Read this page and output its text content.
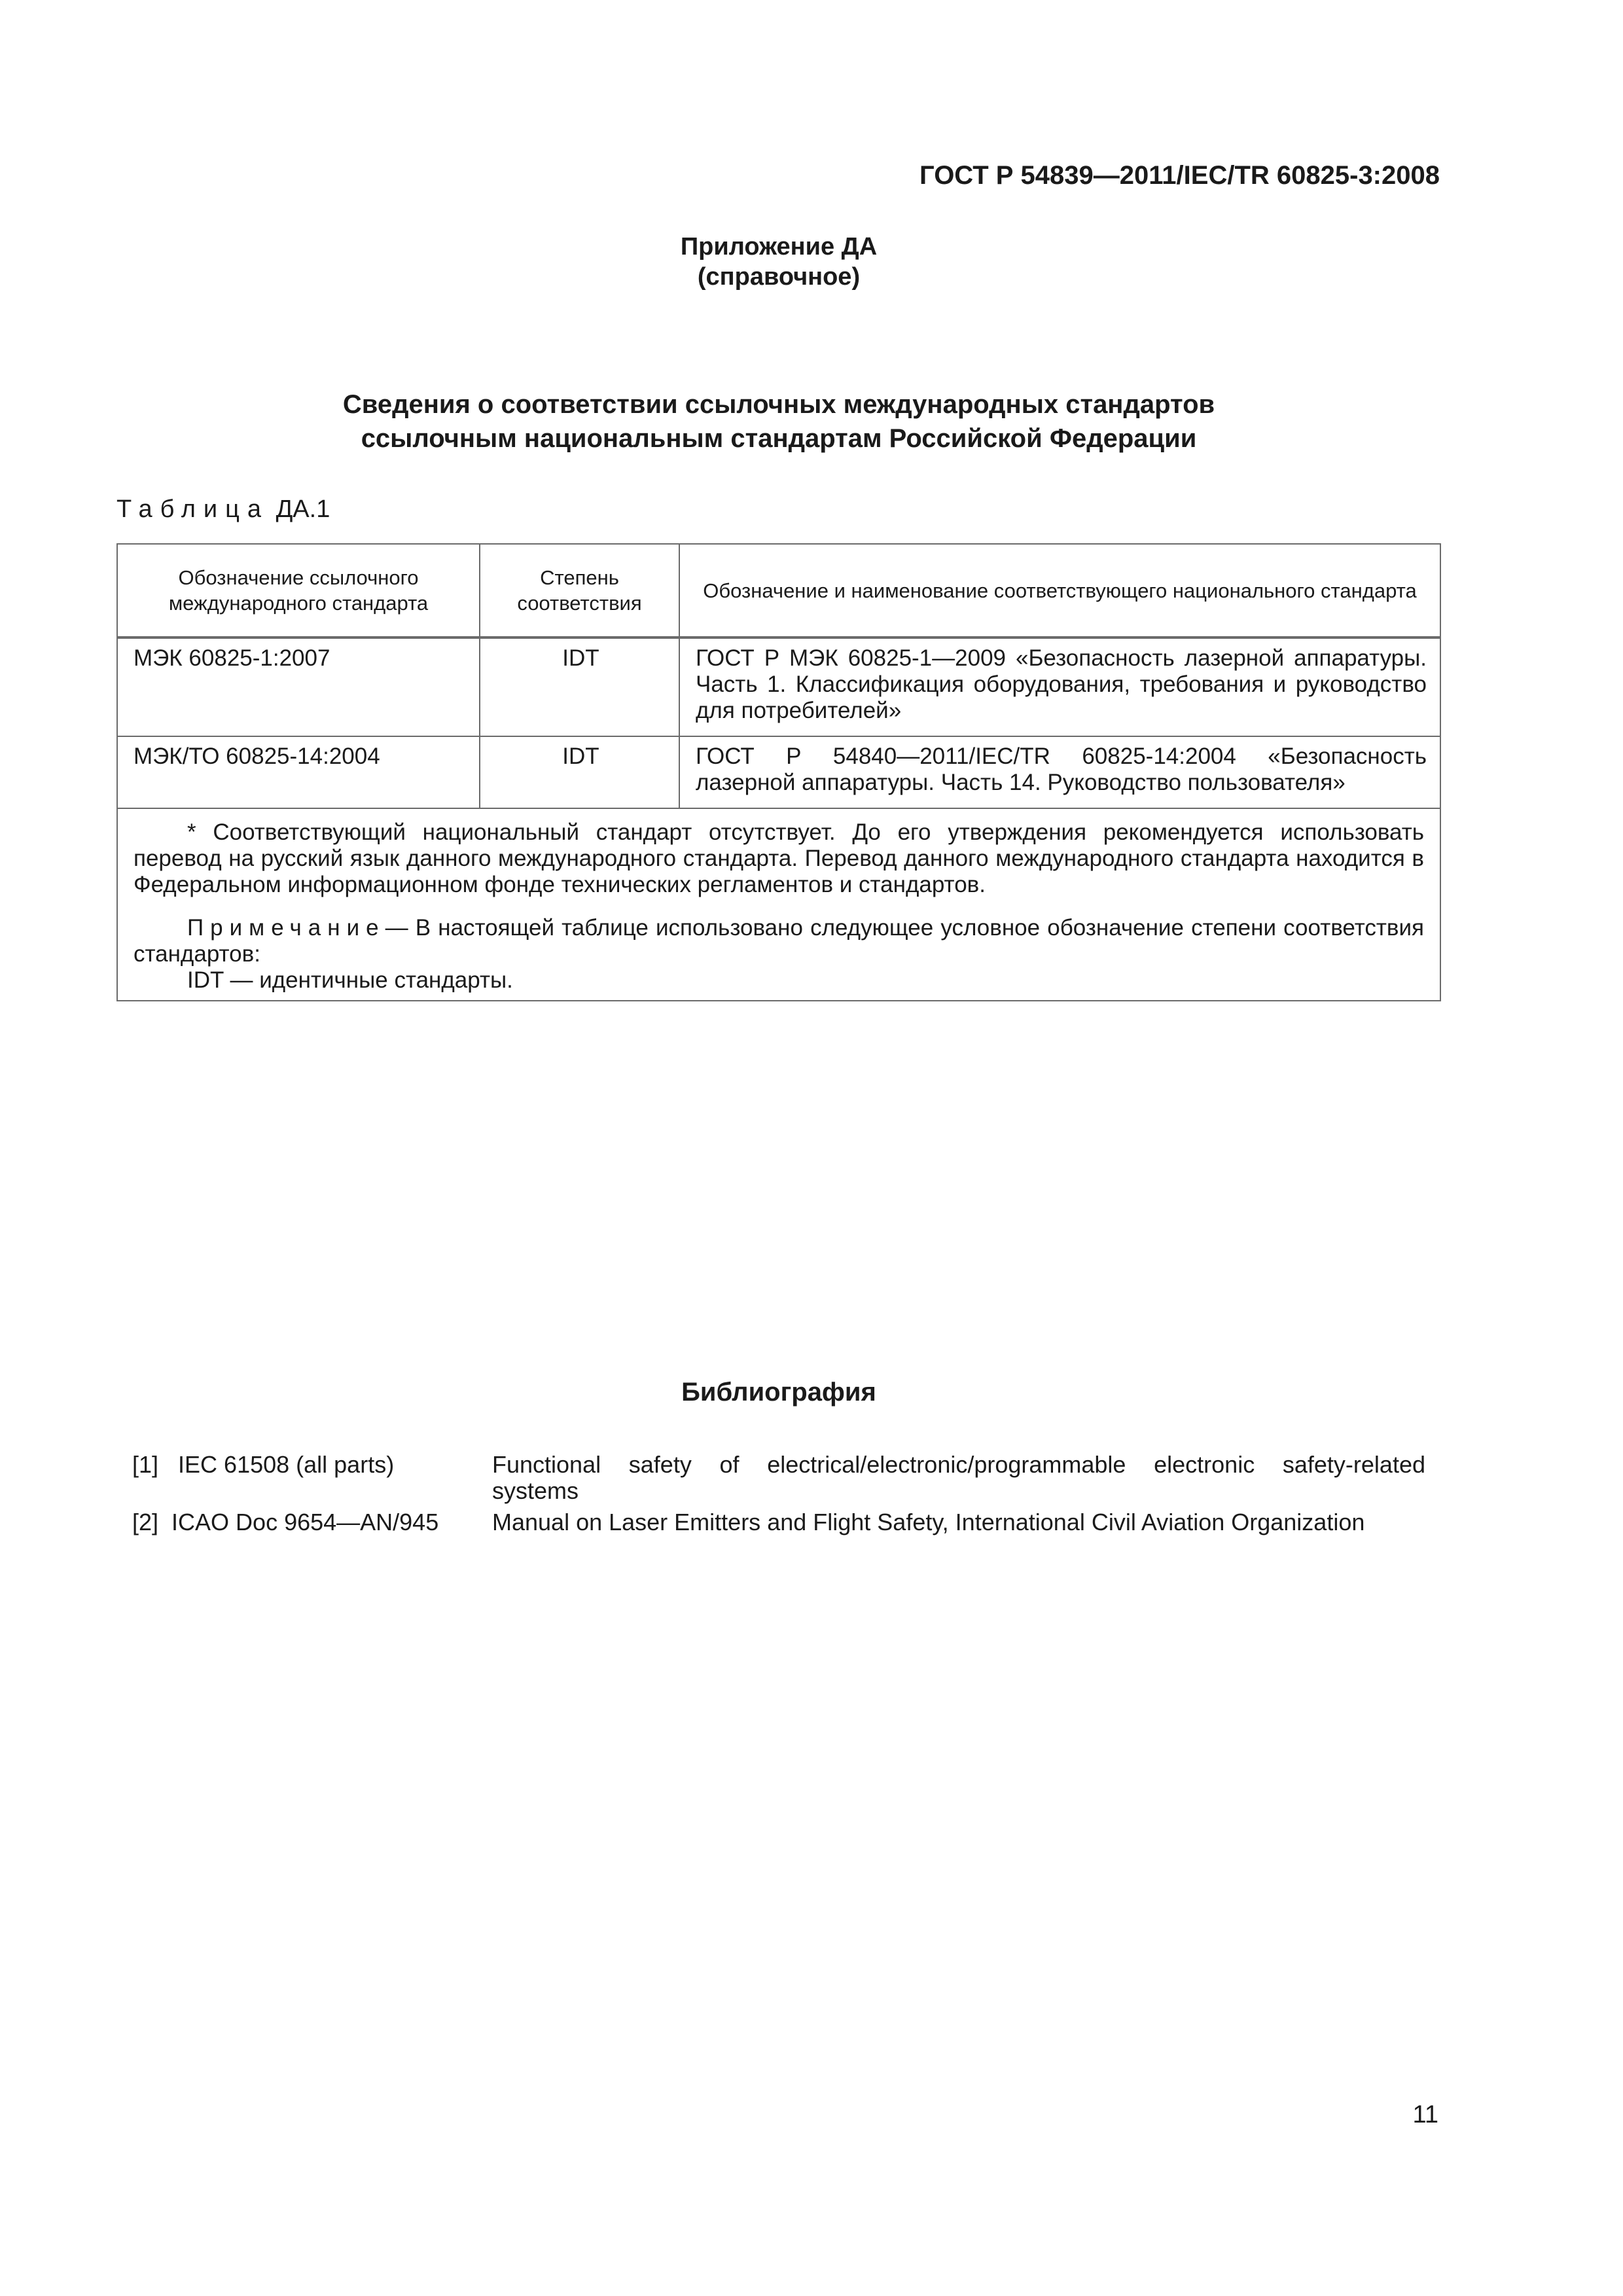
ГОСТ Р 54839—2011/IEC/TR 60825-3:2008
Приложение ДА
(справочное)
Сведения о соответствии ссылочных международных стандартов
ссылочным национальным стандартам Российской Федерации
Таблица ДА.1
Обозначение ссылочного международного стандарта	Степень соответствия	Обозначение и наименование соответствующего национального стандарта
МЭК 60825-1:2007	IDT	ГОСТ Р МЭК 60825-1—2009 «Безопасность лазерной аппаратуры. Часть 1. Классификация оборудования, требования и руководство для потребителей»
МЭК/ТО 60825-14:2004	IDT	ГОСТ Р 54840—2011/IEC/TR 60825-14:2004 «Безопасность лазерной аппаратуры. Часть 14. Руководство пользователя»

* Соответствующий национальный стандарт отсутствует. До его утверждения рекомендуется использовать перевод на русский язык данного международного стандарта. Перевод данного международного стандарта находится в Федеральном информационном фонде технических регламентов и стандартов.

Примечание— В настоящей таблице использовано следующее условное обозначение степени соответствия стандартов:

IDT — идентичные стандарты.		

Библиография
[1]   IEC 61508 (all parts)	Functional safety of electrical/electronic/programmable electronic safety-related
systems
[2]  ICAO Doc 9654—AN/945	Manual on Laser Emitters and Flight Safety, International Civil Aviation Organization
11
